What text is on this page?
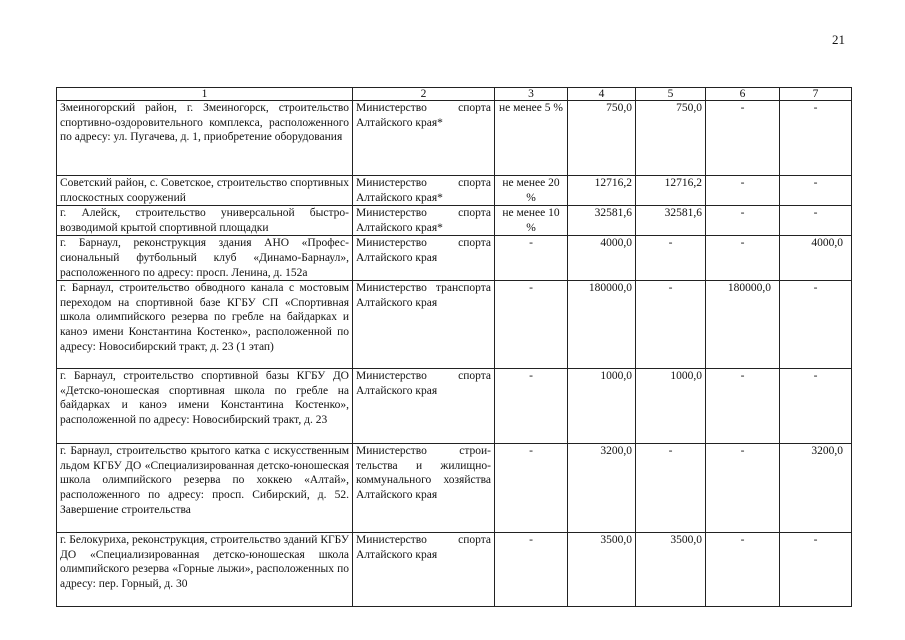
21
1	2	3	4	5	6	7
Змеиногорский район, г. Змеиногорск, строительство спортивно-оздоровительного комплекса, расположенного по адресу: ул. Пугачева, д. 1, приобретение оборудования	Министерство спорта Алтайского края*	не менее 5 %	750,0	750,0	-	-
Советский район, с. Советское, строительство спортивных плоскостных сооружений	Министерство спорта Алтайского края*	не менее 20 %	12716,2	12716,2	-	-
г. Алейск, строительство универсальной быстровозводимой крытой спортивной площадки	Министерство спорта Алтайского края*	не менее 10 %	32581,6	32581,6	-	-
г. Барнаул, реконструкция здания АНО «Профессиональный футбольный клуб «Динамо-Барнаул», расположенного по адресу: просп. Ленина, д. 152а	Министерство спорта Алтайского края	-	4000,0	-	-	4000,0
г. Барнаул, строительство обводного канала с мостовым переходом на спортивной базе КГБУ СП «Спортивная школа олимпийского резерва по гребле на байдарках и каноэ имени Константина Костенко», расположенной по адресу: Новосибирский тракт, д. 23 (1 этап)	Министерство транспорта Алтайского края	-	180000,0	-	180000,0	-
г. Барнаул, строительство спортивной базы КГБУ ДО «Детско-юношеская спортивная школа по гребле на байдарках и каноэ имени Константина Костенко», расположенной по адресу: Новосибирский тракт, д. 23	Министерство спорта Алтайского края	-	1000,0	1000,0	-	-
г. Барнаул, строительство крытого катка с искусственным льдом КГБУ ДО «Специализированная детско-юношеская школа олимпийского резерва по хоккею «Алтай», расположенного по адресу: просп. Сибирский, д. 52. Завершение строительства	Министерство строительства и жилищно-коммунального хозяйства Алтайского края	-	3200,0	-	-	3200,0
г. Белокуриха, реконструкция, строительство зданий КГБУ ДО «Специализированная детско-юношеская школа олимпийского резерва «Горные лыжи», расположенных по адресу: пер. Горный, д. 30	Министерство спорта Алтайского края	-	3500,0	3500,0	-	-
